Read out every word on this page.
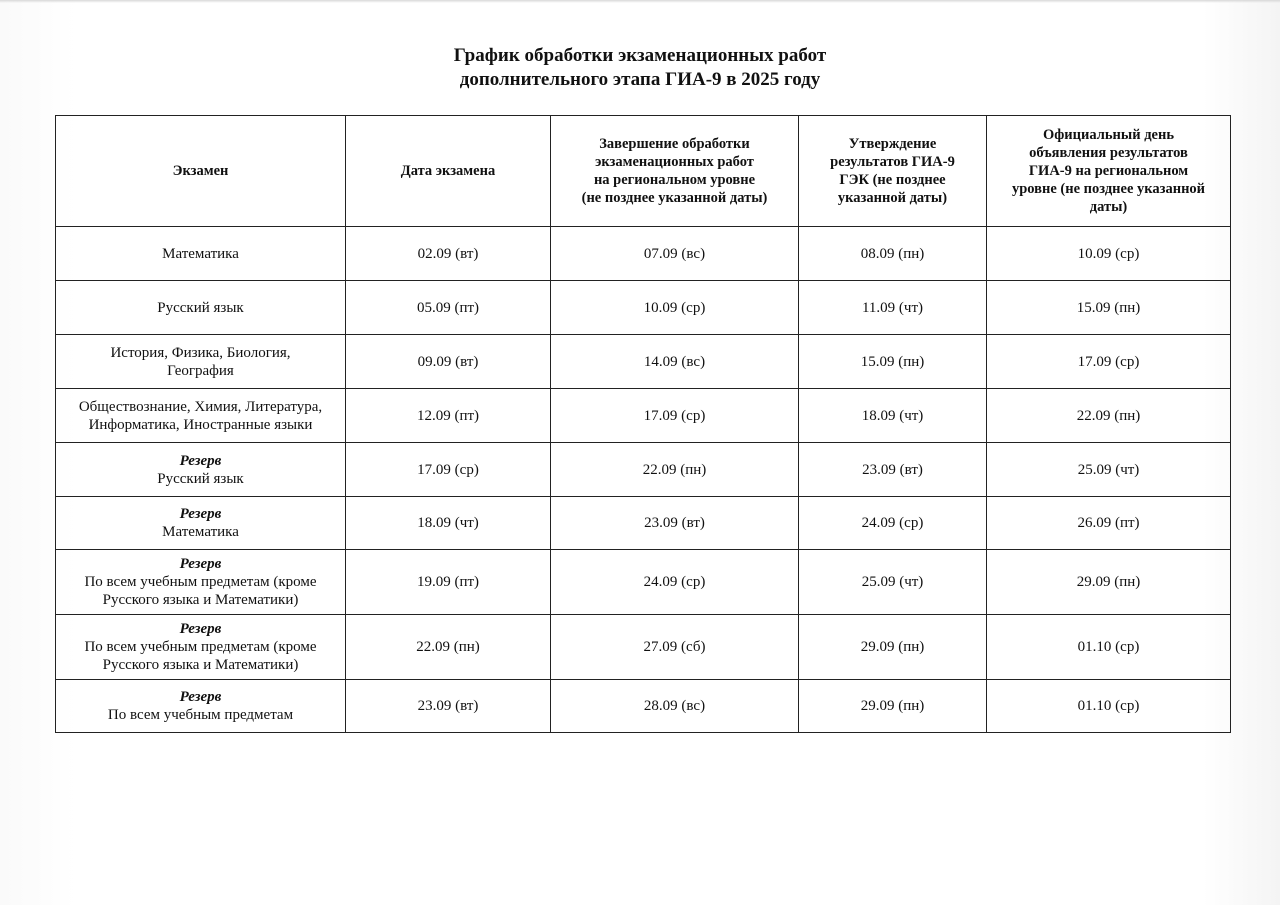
График обработки экзаменационных работ
дополнительного этапа ГИА-9 в 2025 году
Экзамен	Дата экзамена	Завершение обработки
экзаменационных работ
на региональном уровне
(не позднее указанной даты)	Утверждение
результатов ГИА-9
ГЭК (не позднее
указанной даты)	Официальный день
объявления результатов
ГИА-9 на региональном
уровне (не позднее указанной
даты)

Математика	02.09 (вт)	07.09 (вс)	08.09 (пн)	10.09 (ср)

Русский язык	05.09 (пт)	10.09 (ср)	11.09 (чт)	15.09 (пн)

История, Физика, Биология,
География	09.09 (вт)	14.09 (вс)	15.09 (пн)	17.09 (ср)

Обществознание, Химия, Литература,
Информатика, Иностранные языки	12.09 (пт)	17.09 (ср)	18.09 (чт)	22.09 (пн)

Резерв
Русский язык	17.09 (ср)	22.09 (пн)	23.09 (вт)	25.09 (чт)

Резерв
Математика	18.09 (чт)	23.09 (вт)	24.09 (ср)	26.09 (пт)

Резерв
По всем учебным предметам (кроме
Русского языка и Математики)	19.09 (пт)	24.09 (ср)	25.09 (чт)	29.09 (пн)

Резерв
По всем учебным предметам (кроме
Русского языка и Математики)	22.09 (пн)	27.09 (сб)	29.09 (пн)	01.10 (ср)

Резерв
По всем учебным предметам	23.09 (вт)	28.09 (вс)	29.09 (пн)	01.10 (ср)
